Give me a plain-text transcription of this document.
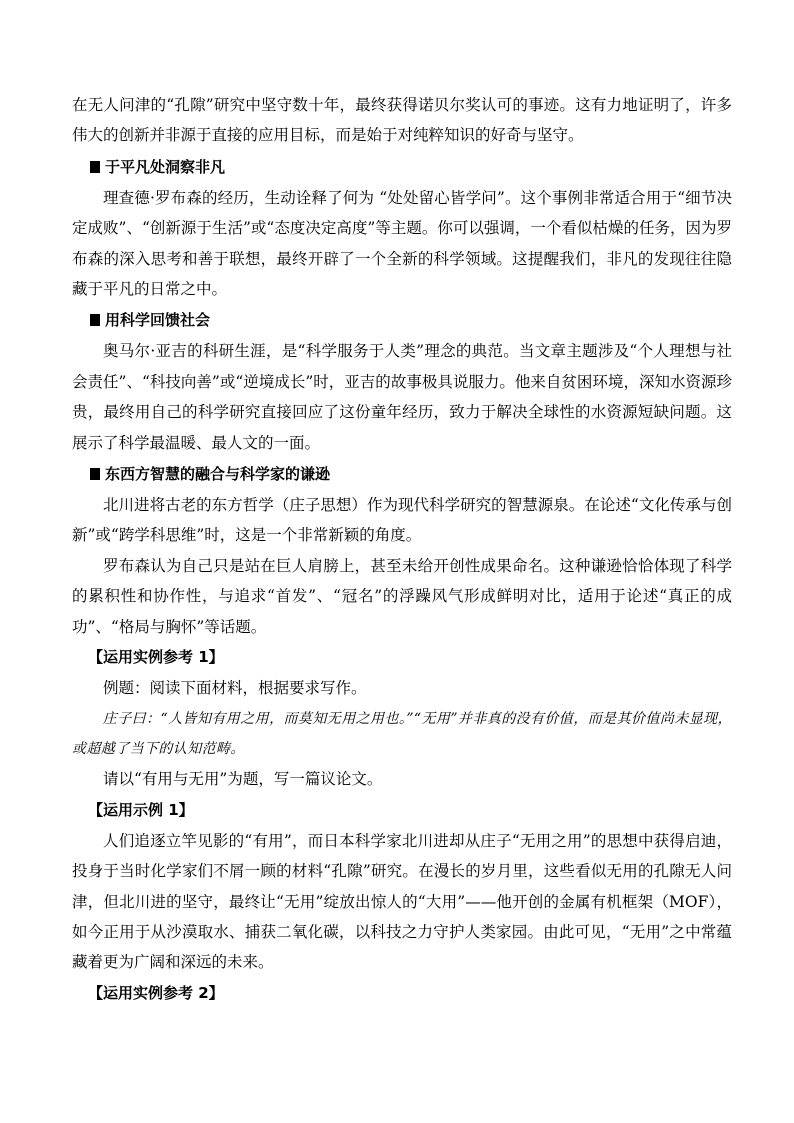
在无人问津的“孔隙”研究中坚守数十年，最终获得诺贝尔奖认可的事迹。这有力地证明了，许多伟大的创新并非源于直接的应用目标，而是始于对纯粹知识的好奇与坚守。

于平凡处洞察非凡

理查德·罗布森的经历，生动诠释了何为 “处处留心皆学问”。这个事例非常适合用于“细节决定成败”、“创新源于生活”或“态度决定高度”等主题。你可以强调，一个看似枯燥的任务，因为罗布森的深入思考和善于联想，最终开辟了一个全新的科学领域。这提醒我们，非凡的发现往往隐藏于平凡的日常之中。

用科学回馈社会

奥马尔·亚吉的科研生涯，是“科学服务于人类”理念的典范。当文章主题涉及“个人理想与社会责任”、“科技向善”或“逆境成长”时，亚吉的故事极具说服力。他来自贫困环境，深知水资源珍贵，最终用自己的科学研究直接回应了这份童年经历，致力于解决全球性的水资源短缺问题。这展示了科学最温暖、最人文的一面。

东西方智慧的融合与科学家的谦逊

北川进将古老的东方哲学（庄子思想）作为现代科学研究的智慧源泉。在论述“文化传承与创新”或“跨学科思维”时，这是一个非常新颖的角度。

罗布森认为自己只是站在巨人肩膀上，甚至未给开创性成果命名。这种谦逊恰恰体现了科学的累积性和协作性，与追求“首发”、“冠名”的浮躁风气形成鲜明对比，适用于论述“真正的成功”、“格局与胸怀”等话题。

【运用实例参考 1】

例题：阅读下面材料，根据要求写作。

庄子曰：“人皆知有用之用，而莫知无用之用也。”“无用”并非真的没有价值，而是其价值尚未显现，或超越了当下的认知范畴。

请以“有用与无用”为题，写一篇议论文。

【运用示例 1】

人们追逐立竿见影的“有用”，而日本科学家北川进却从庄子“无用之用”的思想中获得启迪，投身于当时化学家们不屑一顾的材料“孔隙”研究。在漫长的岁月里，这些看似无用的孔隙无人问津，但北川进的坚守，最终让“无用”绽放出惊人的“大用”——他开创的金属有机框架（MOF），如今正用于从沙漠取水、捕获二氧化碳，以科技之力守护人类家园。由此可见，“无用”之中常蕴藏着更为广阔和深远的未来。

【运用实例参考 2】
